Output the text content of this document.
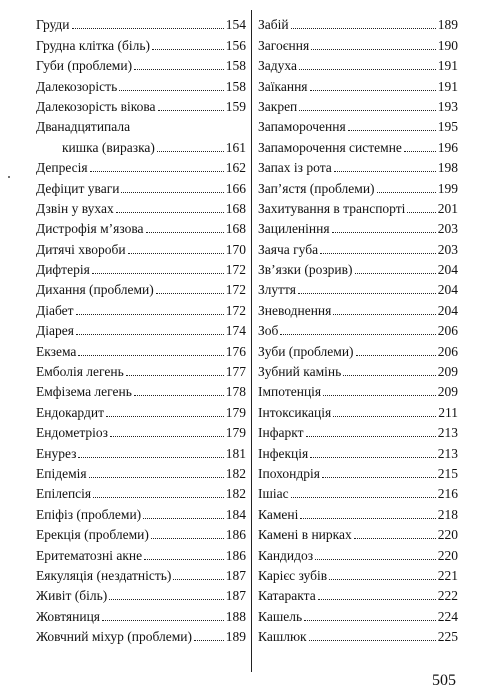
Груди	154
Грудна клітка (біль)	156
Губи (проблеми)	158
Далекозорість	158
Далекозорість вікова	159
Дванадцятипала
кишка (виразка)	161
Депресія	162
Дефіцит уваги	166
Дзвін у вухах	168
Дистрофія м’язова	168
Дитячі хвороби	170
Дифтерія	172
Дихання (проблеми)	172
Діабет	172
Діарея	174
Екзема	176
Емболія легень	177
Емфізема легень	178
Ендокардит	179
Ендометріоз	179
Енурез	181
Епідемія	182
Епілепсія	182
Епіфіз (проблеми)	184
Ерекція (проблеми)	186
Еритематозні акне	186
Еякуляція (нездатність)	187
Живіт (біль)	187
Жовтяниця	188
Жовчний міхур (проблеми) 189
Забій	189
Загоєння	190
Задуха	191
Заїкання	191
Закреп	193
Запаморочення	195
Запаморочення системне	196
Запах із рота	198
Зап’ястя (проблеми)	199
Захитування в транспорті 201
Зациленіння	203
Заяча губа	203
Зв’язки (розрив)	204
Злуття	204
Зневоднення	204
Зоб	206
Зуби (проблеми)	206
Зубний камінь	209
Імпотенція	209
Інтоксикація	211
Інфаркт	213
Інфекція	213
Іпохондрія	215
Ішіас	216
Камені	218
Камені в нирках	220
Кандидоз	220
Карієс зубів	221
Катаракта	222
Кашель	224
Кашлюк	225
505
